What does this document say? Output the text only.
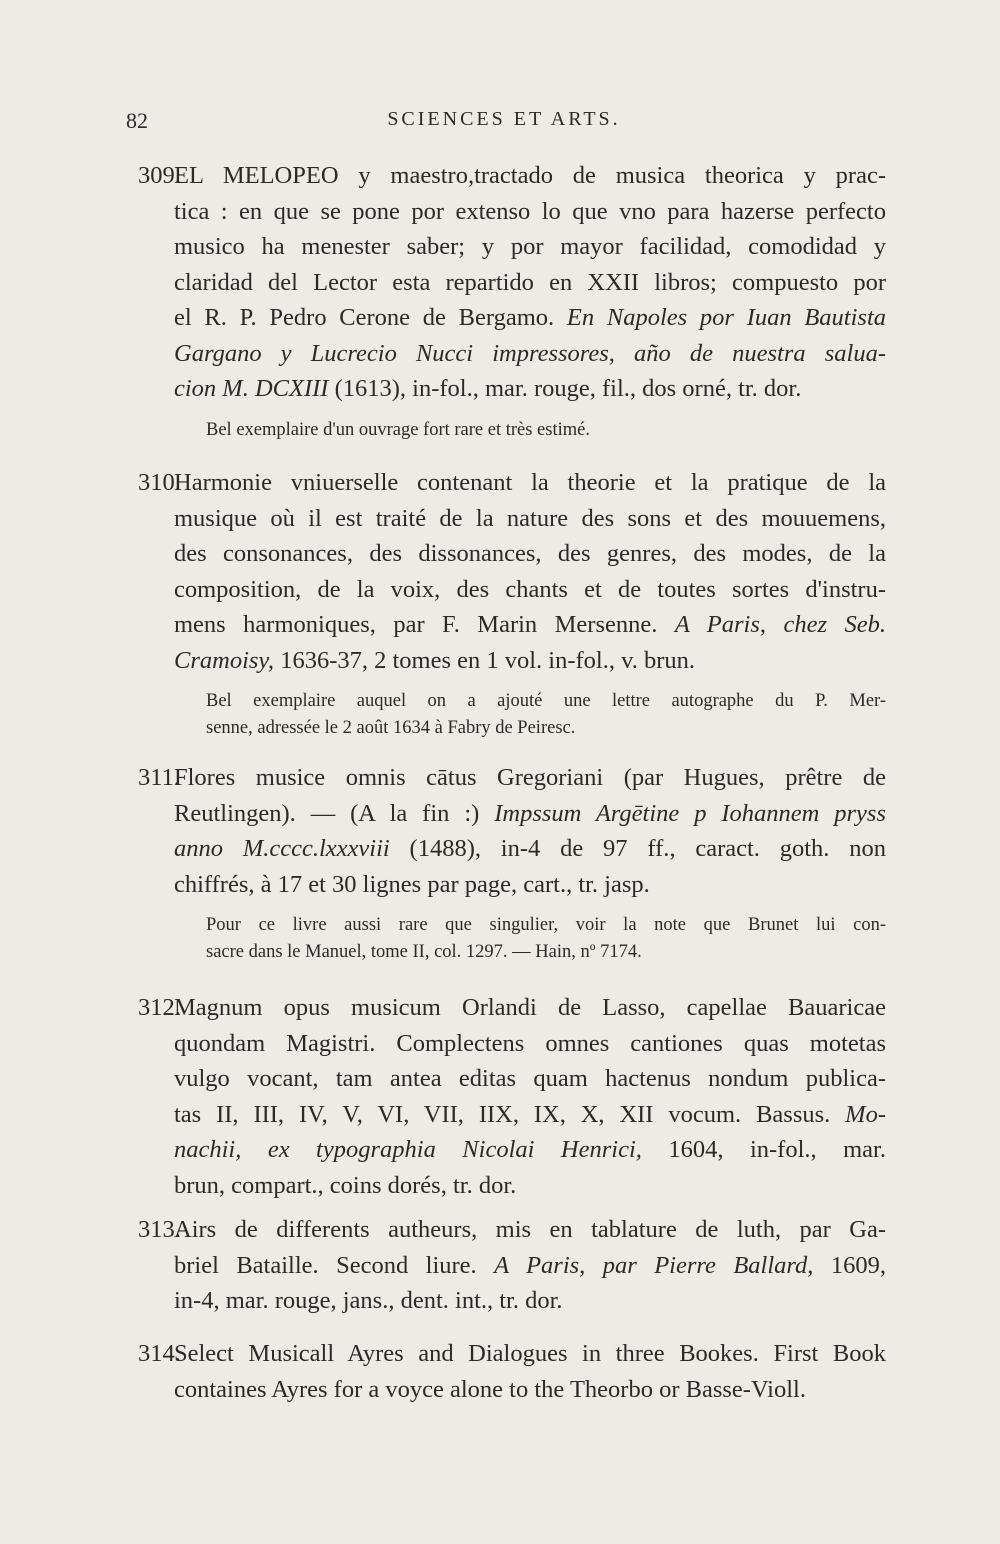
82	SCIENCES ET ARTS.
309.EL MELOPEO y maestro,tractado de musica theorica y prac-
tica : en que se pone por extenso lo que vno para hazerse perfecto
musico ha menester saber; y por mayor facilidad, comodidad y
claridad del Lector esta repartido en XXII libros; compuesto por
el R. P. Pedro Cerone de Bergamo. En Napoles por Iuan Bautista
Gargano y Lucrecio Nucci impressores, año de nuestra salua-
cion M. DCXIII (1613), in-fol., mar. rouge, fil., dos orné, tr. dor.
Bel exemplaire d'un ouvrage fort rare et très estimé.
310.Harmonie vniuerselle contenant la theorie et la pratique de la
musique où il est traité de la nature des sons et des mouuemens,
des consonances, des dissonances, des genres, des modes, de la
composition, de la voix, des chants et de toutes sortes d'instru-
mens harmoniques, par F. Marin Mersenne. A Paris, chez Seb.
Cramoisy, 1636-37, 2 tomes en 1 vol. in-fol., v. brun.
Bel exemplaire auquel on a ajouté une lettre autographe du P. Mer-
senne, adressée le 2 août 1634 à Fabry de Peiresc.
311.Flores musice omnis cātus Gregoriani (par Hugues, prêtre de
Reutlingen). — (A la fin :) Impssum Argētine p Iohannem pryss
anno M.cccc.lxxxviii (1488), in-4 de 97 ff., caract. goth. non
chiffrés, à 17 et 30 lignes par page, cart., tr. jasp.
Pour ce livre aussi rare que singulier, voir la note que Brunet lui con-
sacre dans le Manuel, tome II, col. 1297. — Hain, nº 7174.
312.Magnum opus musicum Orlandi de Lasso, capellae Bauaricae
quondam Magistri. Complectens omnes cantiones quas motetas
vulgo vocant, tam antea editas quam hactenus nondum publica-
tas II, III, IV, V, VI, VII, IIX, IX, X, XII vocum. Bassus. Mo-
nachii, ex typographia Nicolai Henrici, 1604, in-fol., mar.
brun, compart., coins dorés, tr. dor.
313.Airs de differents autheurs, mis en tablature de luth, par Ga-
briel Bataille. Second liure. A Paris, par Pierre Ballard, 1609,
in-4, mar. rouge, jans., dent. int., tr. dor.
314.Select Musicall Ayres and Dialogues in three Bookes. First Book
containes Ayres for a voyce alone to the Theorbo or Basse-Violl.
